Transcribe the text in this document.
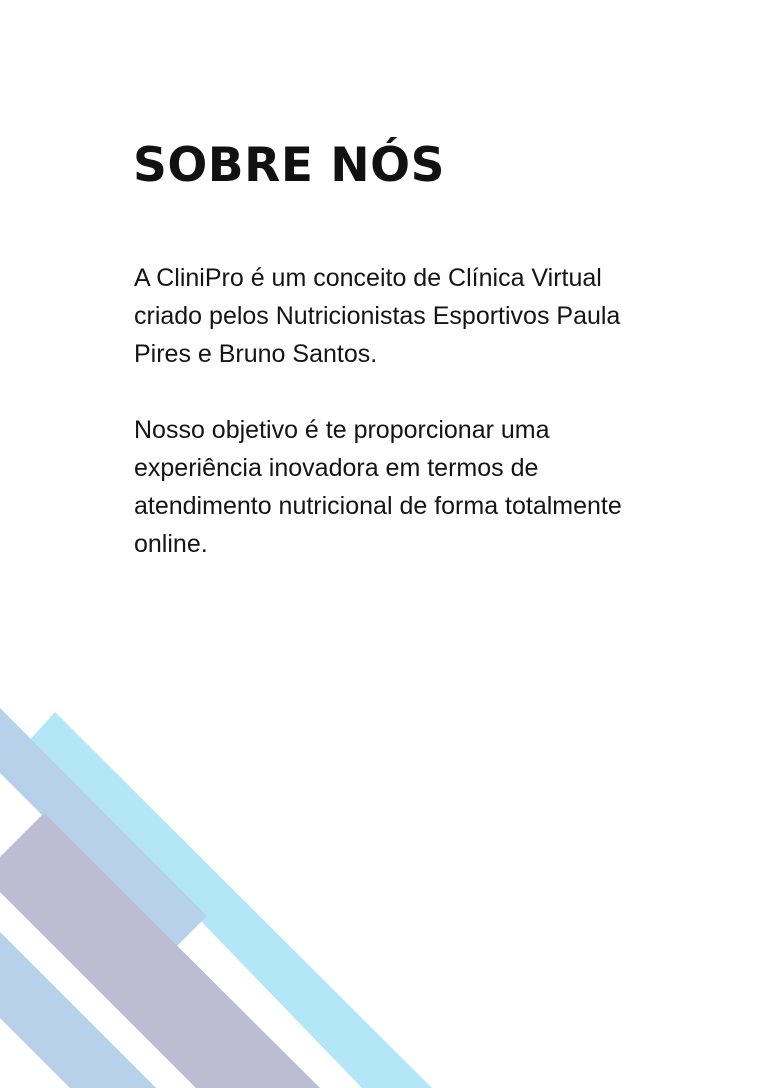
SOBRE NÓS

A CliniPro é um conceito de Clínica Virtual criado pelos Nutricionistas Esportivos Paula Pires e Bruno Santos.

Nosso objetivo é te proporcionar uma experiência inovadora em termos de atendimento nutricional de forma totalmente online.
